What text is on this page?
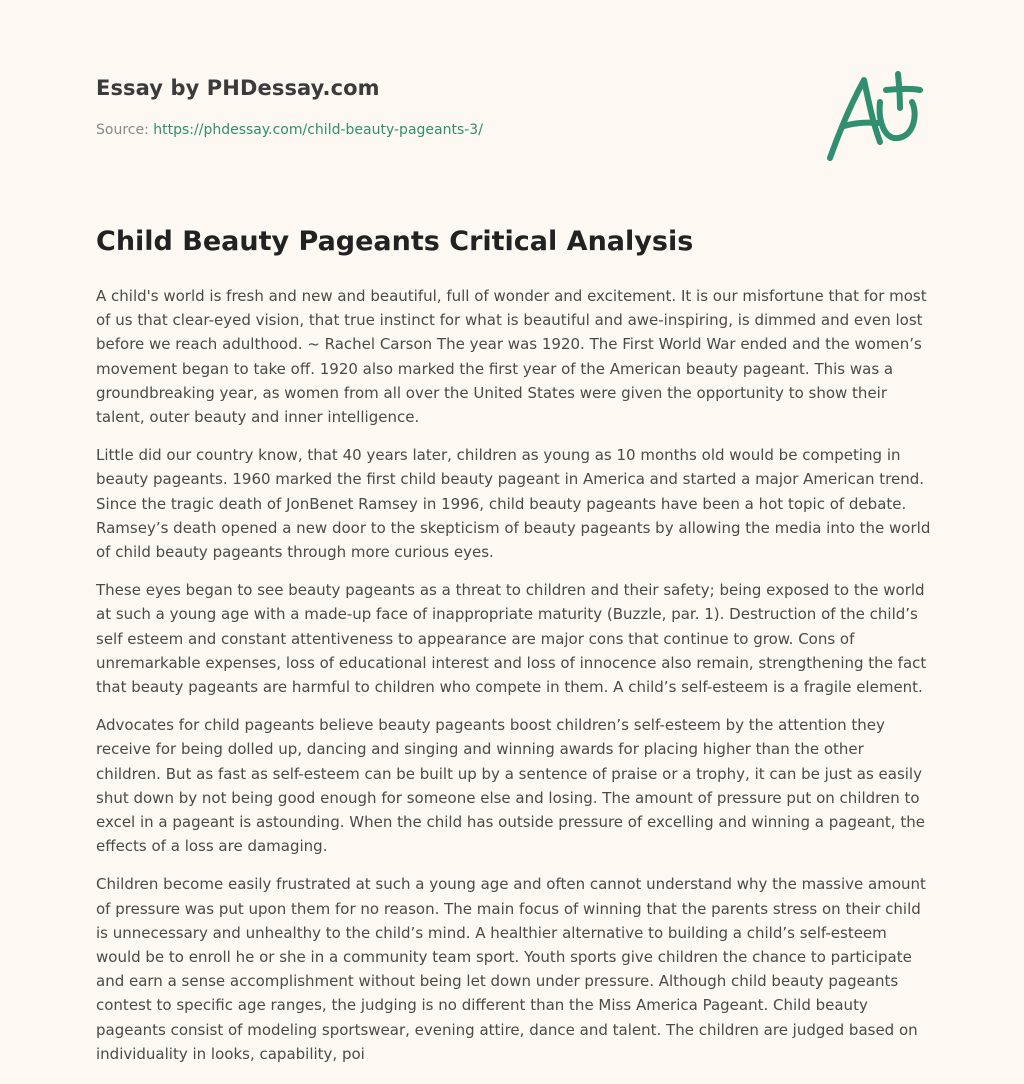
Essay by PHDessay.com
Source: https://phdessay.com/child-beauty-pageants-3/
Child Beauty Pageants Critical Analysis

A child's world is fresh and new and beautiful, full of wonder and excitement. It is our misfortune that for most of us that clear-eyed vision, that true instinct for what is beautiful and awe-inspiring, is dimmed and even lost before we reach adulthood. ~ Rachel Carson The year was 1920. The First World War ended and the women’s movement began to take off. 1920 also marked the first year of the American beauty pageant. This was a groundbreaking year, as women from all over the United States were given the opportunity to show their talent, outer beauty and inner intelligence.

Little did our country know, that 40 years later, children as young as 10 months old would be competing in beauty pageants. 1960 marked the first child beauty pageant in America and started a major American trend. Since the tragic death of JonBenet Ramsey in 1996, child beauty pageants have been a hot topic of debate. Ramsey’s death opened a new door to the skepticism of beauty pageants by allowing the media into the world of child beauty pageants through more curious eyes.

These eyes began to see beauty pageants as a threat to children and their safety; being exposed to the world at such a young age with a made-up face of inappropriate maturity (Buzzle, par. 1). Destruction of the child’s self esteem and constant attentiveness to appearance are major cons that continue to grow. Cons of unremarkable expenses, loss of educational interest and loss of innocence also remain, strengthening the fact that beauty pageants are harmful to children who compete in them. A child’s self-esteem is a fragile element.

Advocates for child pageants believe beauty pageants boost children’s self-esteem by the attention they receive for being dolled up, dancing and singing and winning awards for placing higher than the other children. But as fast as self-esteem can be built up by a sentence of praise or a trophy, it can be just as easily shut down by not being good enough for someone else and losing. The amount of pressure put on children to excel in a pageant is astounding. When the child has outside pressure of excelling and winning a pageant, the effects of a loss are damaging.

Children become easily frustrated at such a young age and often cannot understand why the massive amount of pressure was put upon them for no reason. The main focus of winning that the parents stress on their child is unnecessary and unhealthy to the child’s mind. A healthier alternative to building a child’s self-esteem would be to enroll he or she in a community team sport. Youth sports give children the chance to participate and earn a sense accomplishment without being let down under pressure. Although child beauty pageants contest to specific age ranges, the judging is no different than the Miss America Pageant. Child beauty pageants consist of modeling sportswear, evening attire, dance and talent. The children are judged based on individuality in looks, capability, poi
